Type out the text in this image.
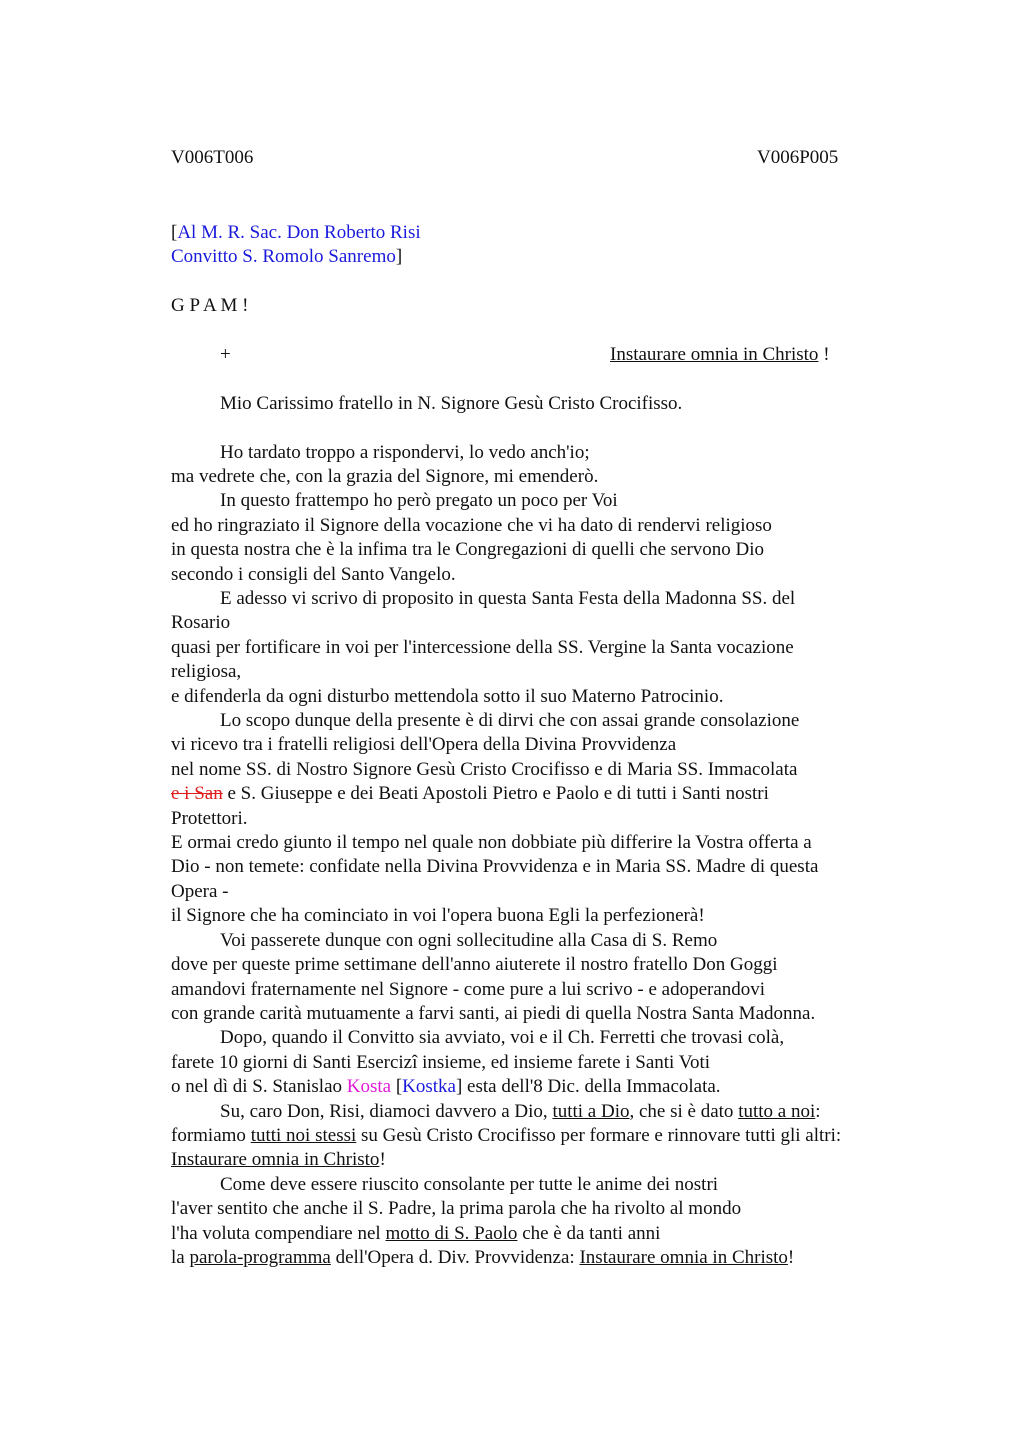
V006T006	V006P005
[Al M. R. Sac. Don Roberto Risi
Convitto S. Romolo Sanremo]
G P A M !
+	Instaurare omnia in Christo !
Mio Carissimo fratello in N. Signore Gesù Cristo Crocifisso.
Ho tardato troppo a rispondervi, lo vedo anch'io;
ma vedrete che, con la grazia del Signore, mi emenderò.
In questo frattempo ho però pregato un poco per Voi
ed ho ringraziato il Signore della vocazione che vi ha dato di rendervi religioso
in questa nostra che è la infima tra le Congregazioni di quelli che servono Dio
secondo i consigli del Santo Vangelo.
E adesso vi scrivo di proposito in questa Santa Festa della Madonna SS. del
Rosario
quasi per fortificare in voi per l'intercessione della SS. Vergine la Santa vocazione
religiosa,
e difenderla da ogni disturbo mettendola sotto il suo Materno Patrocinio.
Lo scopo dunque della presente è di dirvi che con assai grande consolazione
vi ricevo tra i fratelli religiosi dell'Opera della Divina Provvidenza
nel nome SS. di Nostro Signore Gesù Cristo Crocifisso e di Maria SS. Immacolata
e i San e S. Giuseppe e dei Beati Apostoli Pietro e Paolo e di tutti i Santi nostri
Protettori.
E ormai credo giunto il tempo nel quale non dobbiate più differire la Vostra offerta a
Dio - non temete: confidate nella Divina Provvidenza e in Maria SS. Madre di questa
Opera -
il Signore che ha cominciato in voi l'opera buona Egli la perfezionerà!
Voi passerete dunque con ogni sollecitudine alla Casa di S. Remo
dove per queste prime settimane dell'anno aiuterete il nostro fratello Don Goggi
amandovi fraternamente nel Signore - come pure a lui scrivo - e adoperandovi
con grande carità mutuamente a farvi santi, ai piedi di quella Nostra Santa Madonna.
Dopo, quando il Convitto sia avviato, voi e il Ch. Ferretti che trovasi colà,
farete 10 giorni di Santi Esercizî insieme, ed insieme farete i Santi Voti
o nel dì di S. Stanislao Kosta [Kostka] esta dell'8 Dic. della Immacolata.
Su, caro Don, Risi, diamoci davvero a Dio, tutti a Dio, che si è dato tutto a noi:
formiamo tutti noi stessi su Gesù Cristo Crocifisso per formare e rinnovare tutti gli altri:
Instaurare omnia in Christo!
Come deve essere riuscito consolante per tutte le anime dei nostri
l'aver sentito che anche il S. Padre, la prima parola che ha rivolto al mondo
l'ha voluta compendiare nel motto di S. Paolo che è da tanti anni
la parola-programma dell'Opera d. Div. Provvidenza: Instaurare omnia in Christo!
